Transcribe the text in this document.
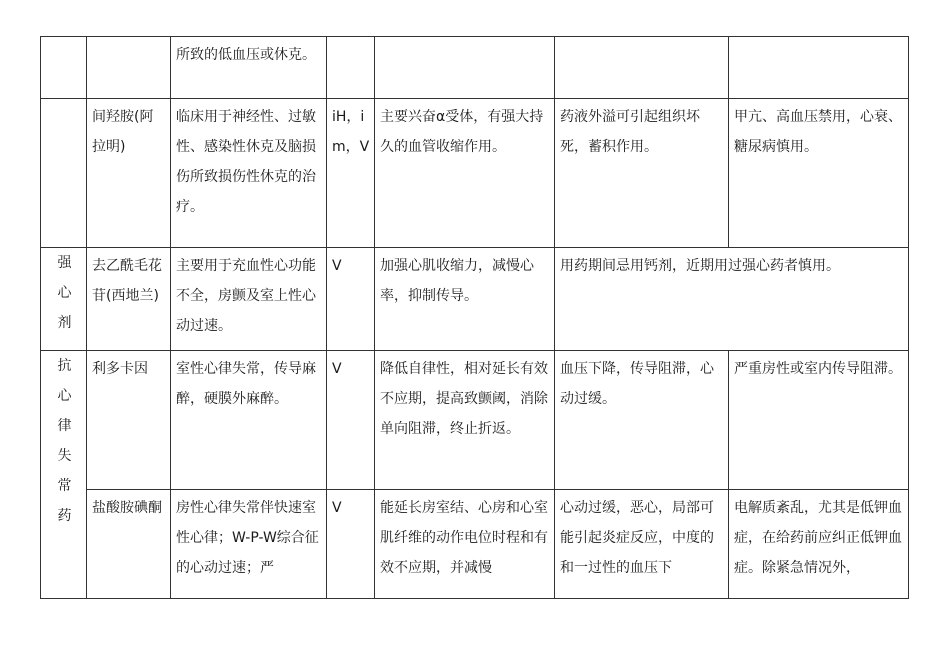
		所致的低血压或休克。				

	间羟胺(阿拉明)	临床用于神经性、过敏性、感染性休克及脑损伤所致损伤性休克的治疗。	iH，im，V	主要兴奋α受体，有强大持久的血管收缩作用。	药液外溢可引起组织坏死，蓄积作用。	甲亢、高血压禁用，心衰、糖尿病慎用。

强心剂	去乙酰毛花苷(西地兰)	主要用于充血性心功能不全，房颤及室上性心动过速。	V	加强心肌收缩力，减慢心率，抑制传导。	用药期间忌用钙剂，近期用过强心药者慎用。	

抗心律失常药	利多卡因	室性心律失常，传导麻醉，硬膜外麻醉。	V	降低自律性，相对延长有效不应期，提高致颤阈，消除单向阻滞，终止折返。	血压下降，传导阻滞，心动过缓。	严重房性或室内传导阻滞。

	盐酸胺碘酮	房性心律失常伴快速室性心律；W-P-W综合征的心动过速；严	V	能延长房室结、心房和心室肌纤维的动作电位时程和有效不应期，并减慢	心动过缓，恶心，局部可能引起炎症反应，中度的和一过性的血压下	电解质紊乱，尤其是低钾血症，在给药前应纠正低钾血症。除紧急情况外，
